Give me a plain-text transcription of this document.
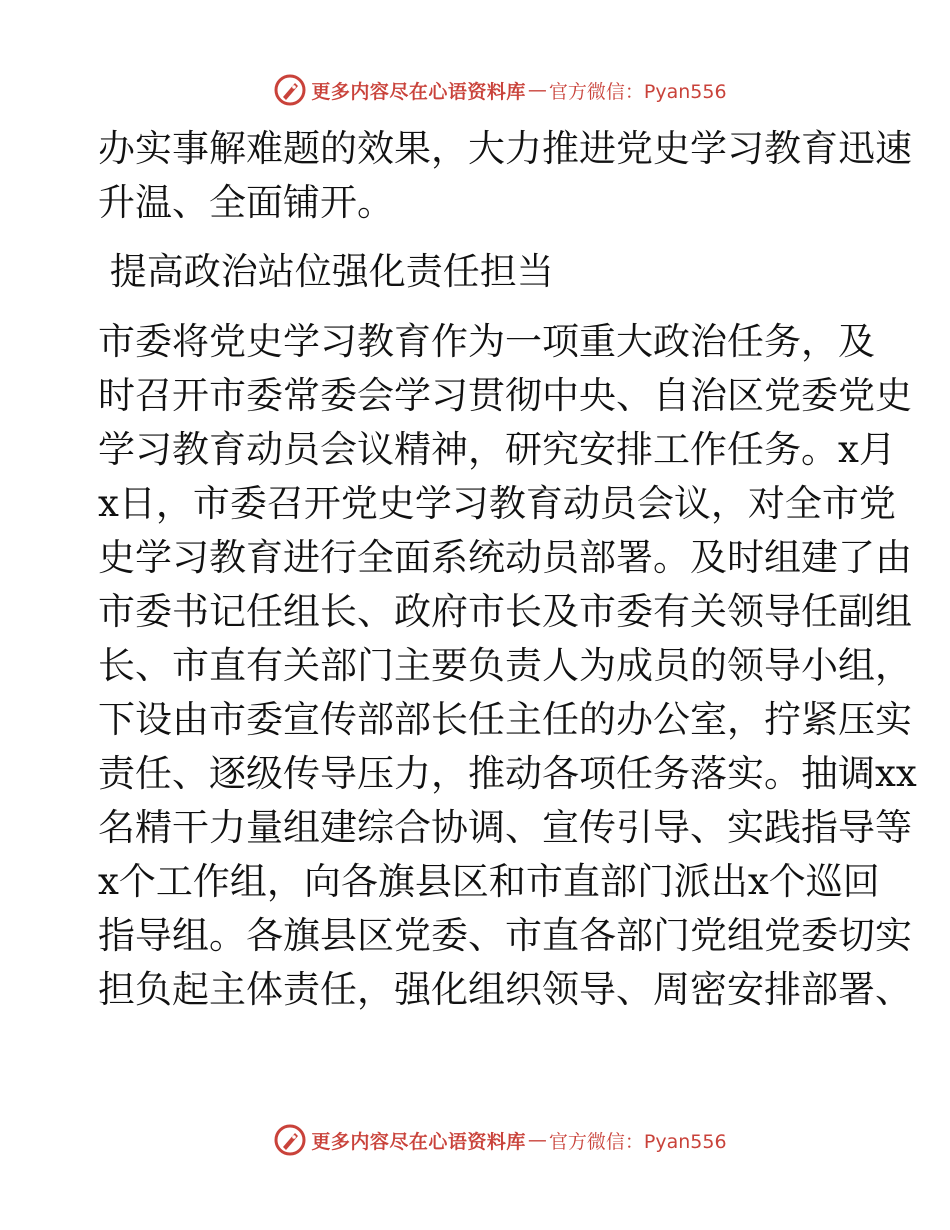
更多内容尽在心语资料库 — 官方微信：Pyan556
办 实 事 解 难 题 的 效 果 ， 大 力 推 进 党 史 学 习 教 育 迅 速
升温、全面铺开。
提高政治站位强化责任担当
市 委 将 党 史 学 习 教 育 作 为 一 项 重 大 政 治 任 务 ， 及
时 召 开 市 委 常 委 会 学 习 贯 彻 中 央 、 自 治 区 党 委 党 史
学 习 教 育 动 员 会 议 精 神 ， 研 究 安 排 工 作 任 务 。 x 月
x 日 ， 市 委 召 开 党 史 学 习 教 育 动 员 会 议 ， 对 全 市 党
史 学 习 教 育 进 行 全 面 系 统 动 员 部 署 。 及 时 组 建 了 由
市 委 书 记 任 组 长 、 政 府 市 长 及 市 委 有 关 领 导 任 副 组
长 、 市 直 有 关 部 门 主 要 负 责 人 为 成 员 的 领 导 小 组 ，
下 设 由 市 委 宣 传 部 部 长 任 主 任 的 办 公 室 ， 拧 紧 压 实
责 任 、 逐 级 传 导 压 力 ， 推 动 各 项 任 务 落 实 。 抽 调 xx
名 精 干 力 量 组 建 综 合 协 调 、 宣 传 引 导 、 实 践 指 导 等
x 个 工 作 组 ， 向 各 旗 县 区 和 市 直 部 门 派 出 x 个 巡 回
指 导 组 。 各 旗 县 区 党 委 、 市 直 各 部 门 党 组 党 委 切 实
担 负 起 主 体 责 任 ， 强 化 组 织 领 导 、 周 密 安 排 部 署 、
更多内容尽在心语资料库 — 官方微信：Pyan556
